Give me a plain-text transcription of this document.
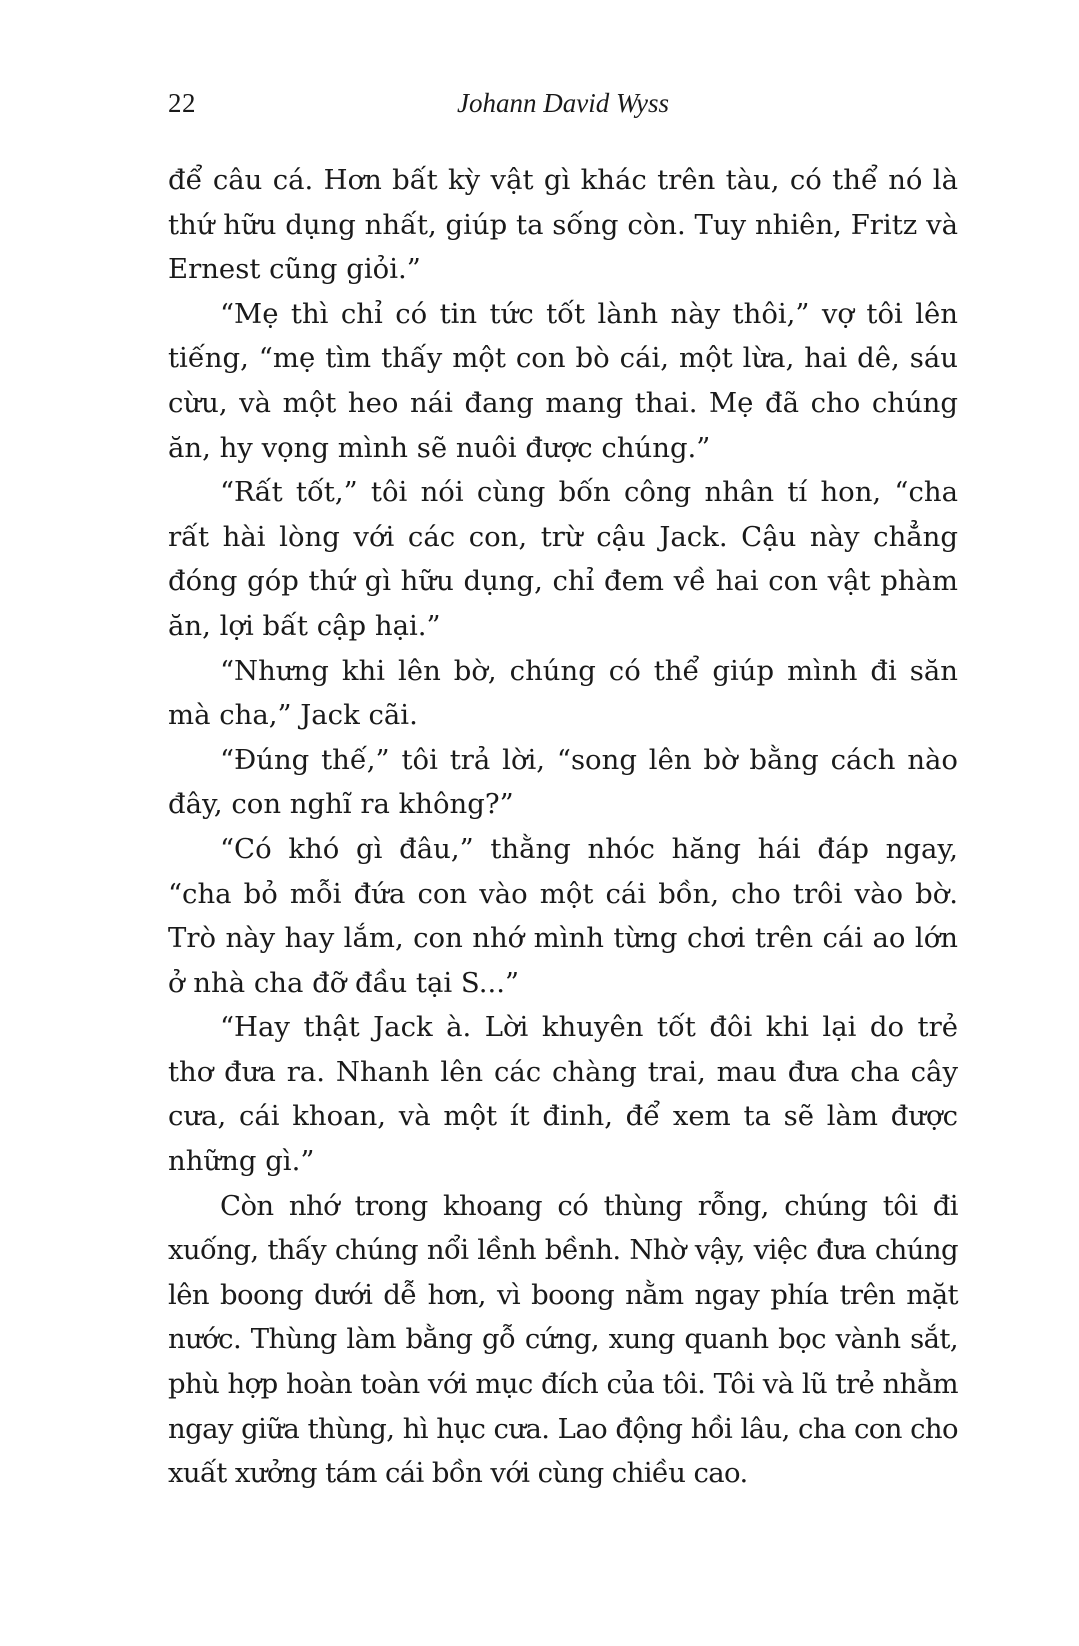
22	Johann David Wyss

để câu cá. Hơn bất kỳ vật gì khác trên tàu, có thể nó là thứ hữu dụng nhất, giúp ta sống còn. Tuy nhiên, Fritz và Ernest cũng giỏi.”

“Mẹ thì chỉ có tin tức tốt lành này thôi,” vợ tôi lên tiếng, “mẹ tìm thấy một con bò cái, một lừa, hai dê, sáu cừu, và một heo nái đang mang thai. Mẹ đã cho chúng ăn, hy vọng mình sẽ nuôi được chúng.”

“Rất tốt,” tôi nói cùng bốn công nhân tí hon, “cha rất hài lòng với các con, trừ cậu Jack. Cậu này chẳng đóng góp thứ gì hữu dụng, chỉ đem về hai con vật phàm ăn, lợi bất cập hại.”

“Nhưng khi lên bờ, chúng có thể giúp mình đi săn mà cha,” Jack cãi.

“Đúng thế,” tôi trả lời, “song lên bờ bằng cách nào đây, con nghĩ ra không?”

“Có khó gì đâu,” thằng nhóc hăng hái đáp ngay, “cha bỏ mỗi đứa con vào một cái bồn, cho trôi vào bờ. Trò này hay lắm, con nhớ mình từng chơi trên cái ao lớn ở nhà cha đỡ đầu tại S...”

“Hay thật Jack à. Lời khuyên tốt đôi khi lại do trẻ thơ đưa ra. Nhanh lên các chàng trai, mau đưa cha cây cưa, cái khoan, và một ít đinh, để xem ta sẽ làm được những gì.”

Còn nhớ trong khoang có thùng rỗng, chúng tôi đi xuống, thấy chúng nổi lềnh bềnh. Nhờ vậy, việc đưa chúng lên boong dưới dễ hơn, vì boong nằm ngay phía trên mặt nước. Thùng làm bằng gỗ cứng, xung quanh bọc vành sắt, phù hợp hoàn toàn với mục đích của tôi. Tôi và lũ trẻ nhằm ngay giữa thùng, hì hục cưa. Lao động hồi lâu, cha con cho xuất xưởng tám cái bồn với cùng chiều cao.
